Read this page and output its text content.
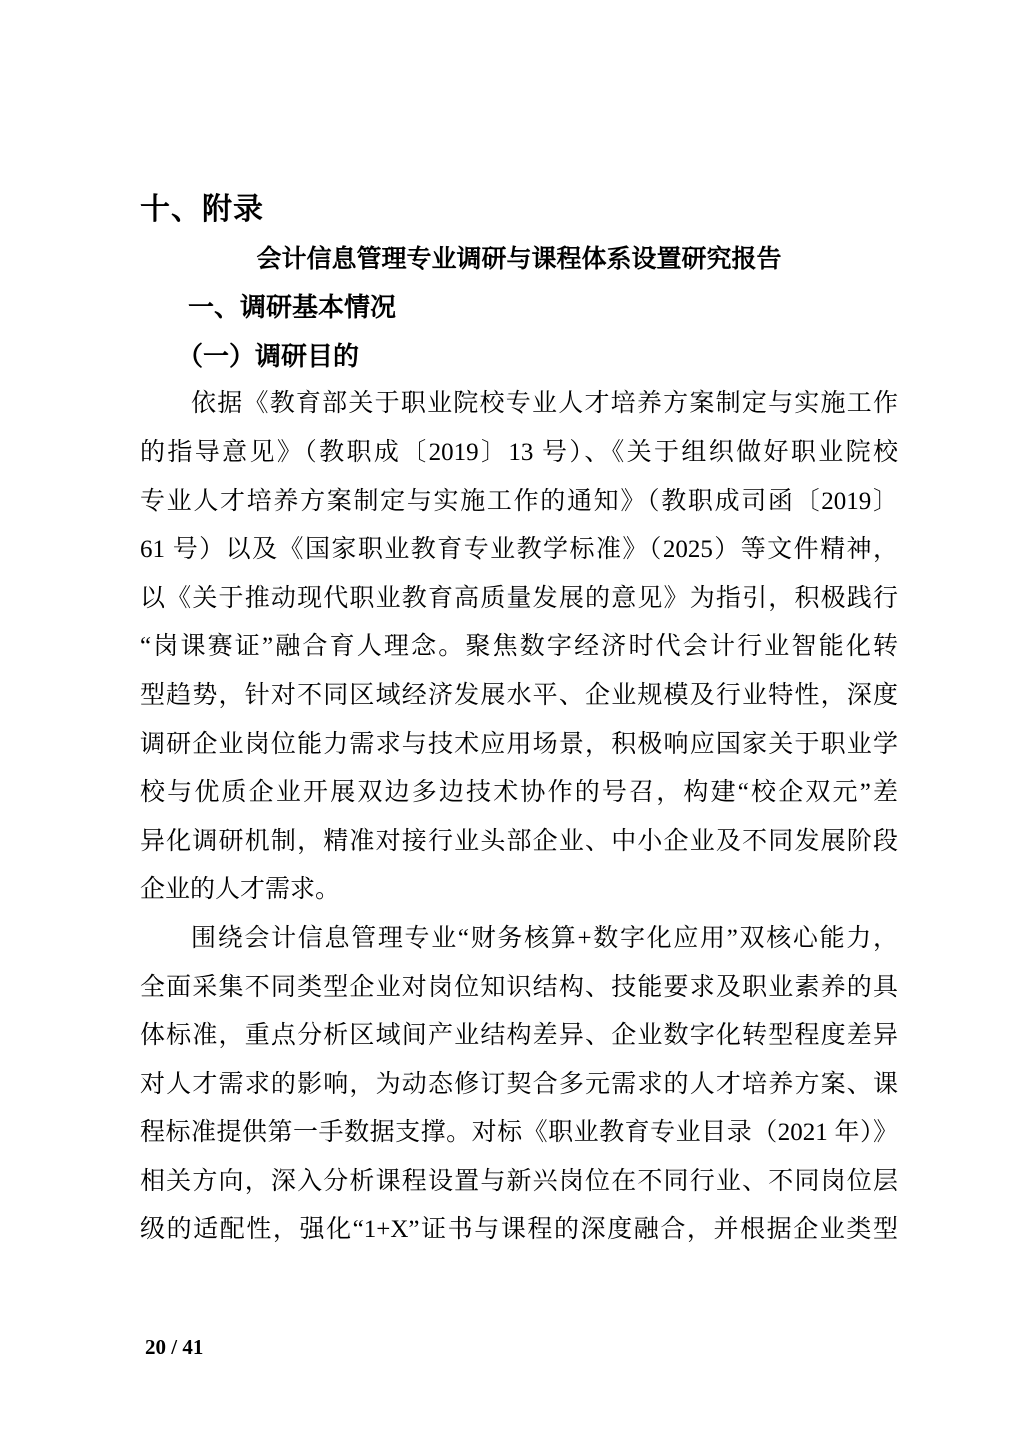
十、附录
会计信息管理专业调研与课程体系设置研究报告
一、调研基本情况
（一）调研目的
依据《教育部关于职业院校专业人才培养方案制定与实施工作
的指导意见》（教职成〔2019〕13 号）、《关于组织做好职业院校
专业人才培养方案制定与实施工作的通知》（教职成司函〔2019〕
61 号）以及《国家职业教育专业教学标准》（2025）等文件精神，
以《关于推动现代职业教育高质量发展的意见》为指引，积极践行
“岗课赛证”融合育人理念。聚焦数字经济时代会计行业智能化转
型趋势，针对不同区域经济发展水平、企业规模及行业特性，深度
调研企业岗位能力需求与技术应用场景，积极响应国家关于职业学
校与优质企业开展双边多边技术协作的号召，构建“校企双元”差
异化调研机制，精准对接行业头部企业、中小企业及不同发展阶段
企业的人才需求。
围绕会计信息管理专业“财务核算+数字化应用”双核心能力，
全面采集不同类型企业对岗位知识结构、技能要求及职业素养的具
体标准，重点分析区域间产业结构差异、企业数字化转型程度差异
对人才需求的影响，为动态修订契合多元需求的人才培养方案、课
程标准提供第一手数据支撑。对标《职业教育专业目录（2021 年）》
相关方向，深入分析课程设置与新兴岗位在不同行业、不同岗位层
级的适配性，强化“1+X”证书与课程的深度融合，并根据企业类型
20 / 41
